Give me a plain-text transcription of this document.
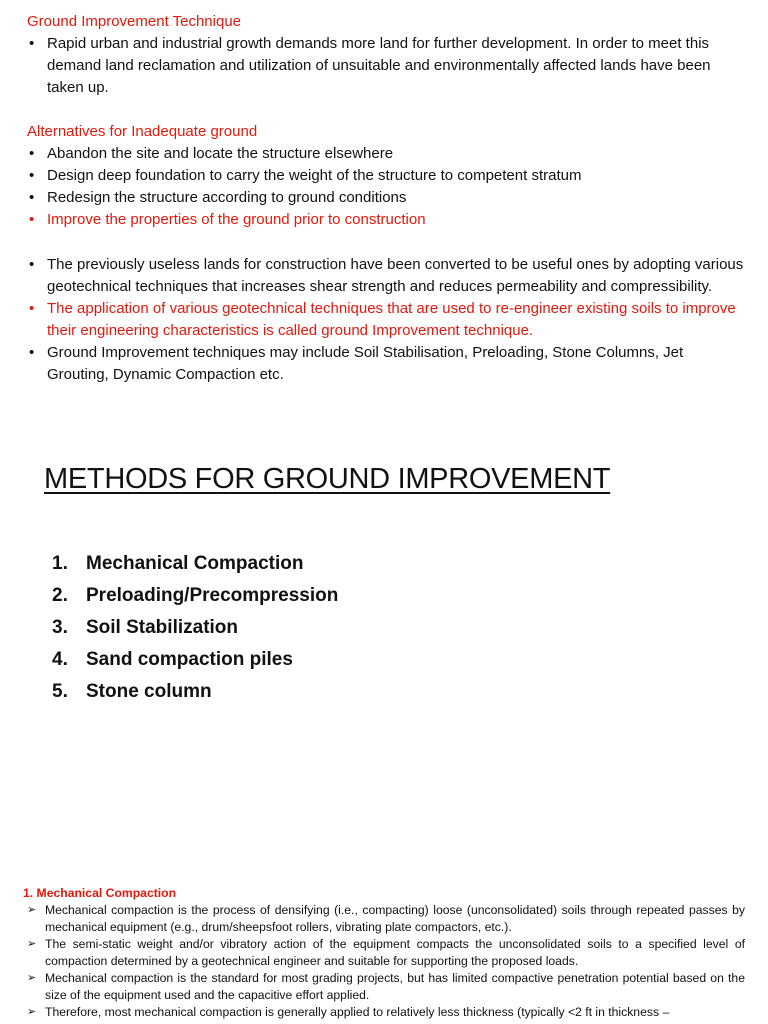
Ground Improvement Technique
• Rapid urban and industrial growth demands more land for further development. In order to meet this demand land reclamation and utilization of unsuitable and environmentally affected lands have been taken up.
Alternatives for Inadequate ground
• Abandon the site and locate the structure elsewhere
• Design deep foundation to carry the weight of the structure to competent stratum
• Redesign the structure according to ground conditions
• Improve the properties of the ground prior to construction
• The previously useless lands for construction have been converted to be useful ones by adopting various geotechnical techniques that increases shear strength and reduces permeability and compressibility.
• The application of various geotechnical techniques that are used to re-engineer existing soils to improve their engineering characteristics is called ground Improvement technique.
• Ground Improvement techniques may include Soil Stabilisation, Preloading, Stone Columns, Jet Grouting, Dynamic Compaction etc.
METHODS FOR GROUND IMPROVEMENT
1. Mechanical Compaction
2. Preloading/Precompression
3. Soil Stabilization
4. Sand compaction piles
5. Stone column
1. Mechanical Compaction
➢ Mechanical compaction is the process of densifying (i.e., compacting) loose (unconsolidated) soils through repeated passes by mechanical equipment (e.g., drum/sheepsfoot rollers, vibrating plate compactors, etc.).
➢ The semi-static weight and/or vibratory action of the equipment compacts the unconsolidated soils to a specified level of compaction determined by a geotechnical engineer and suitable for supporting the proposed loads.
➢ Mechanical compaction is the standard for most grading projects, but has limited compactive penetration potential based on the size of the equipment used and the capacitive effort applied.
➢ Therefore, most mechanical compaction is generally applied to relatively less thickness (typically <2 ft in thickness –
